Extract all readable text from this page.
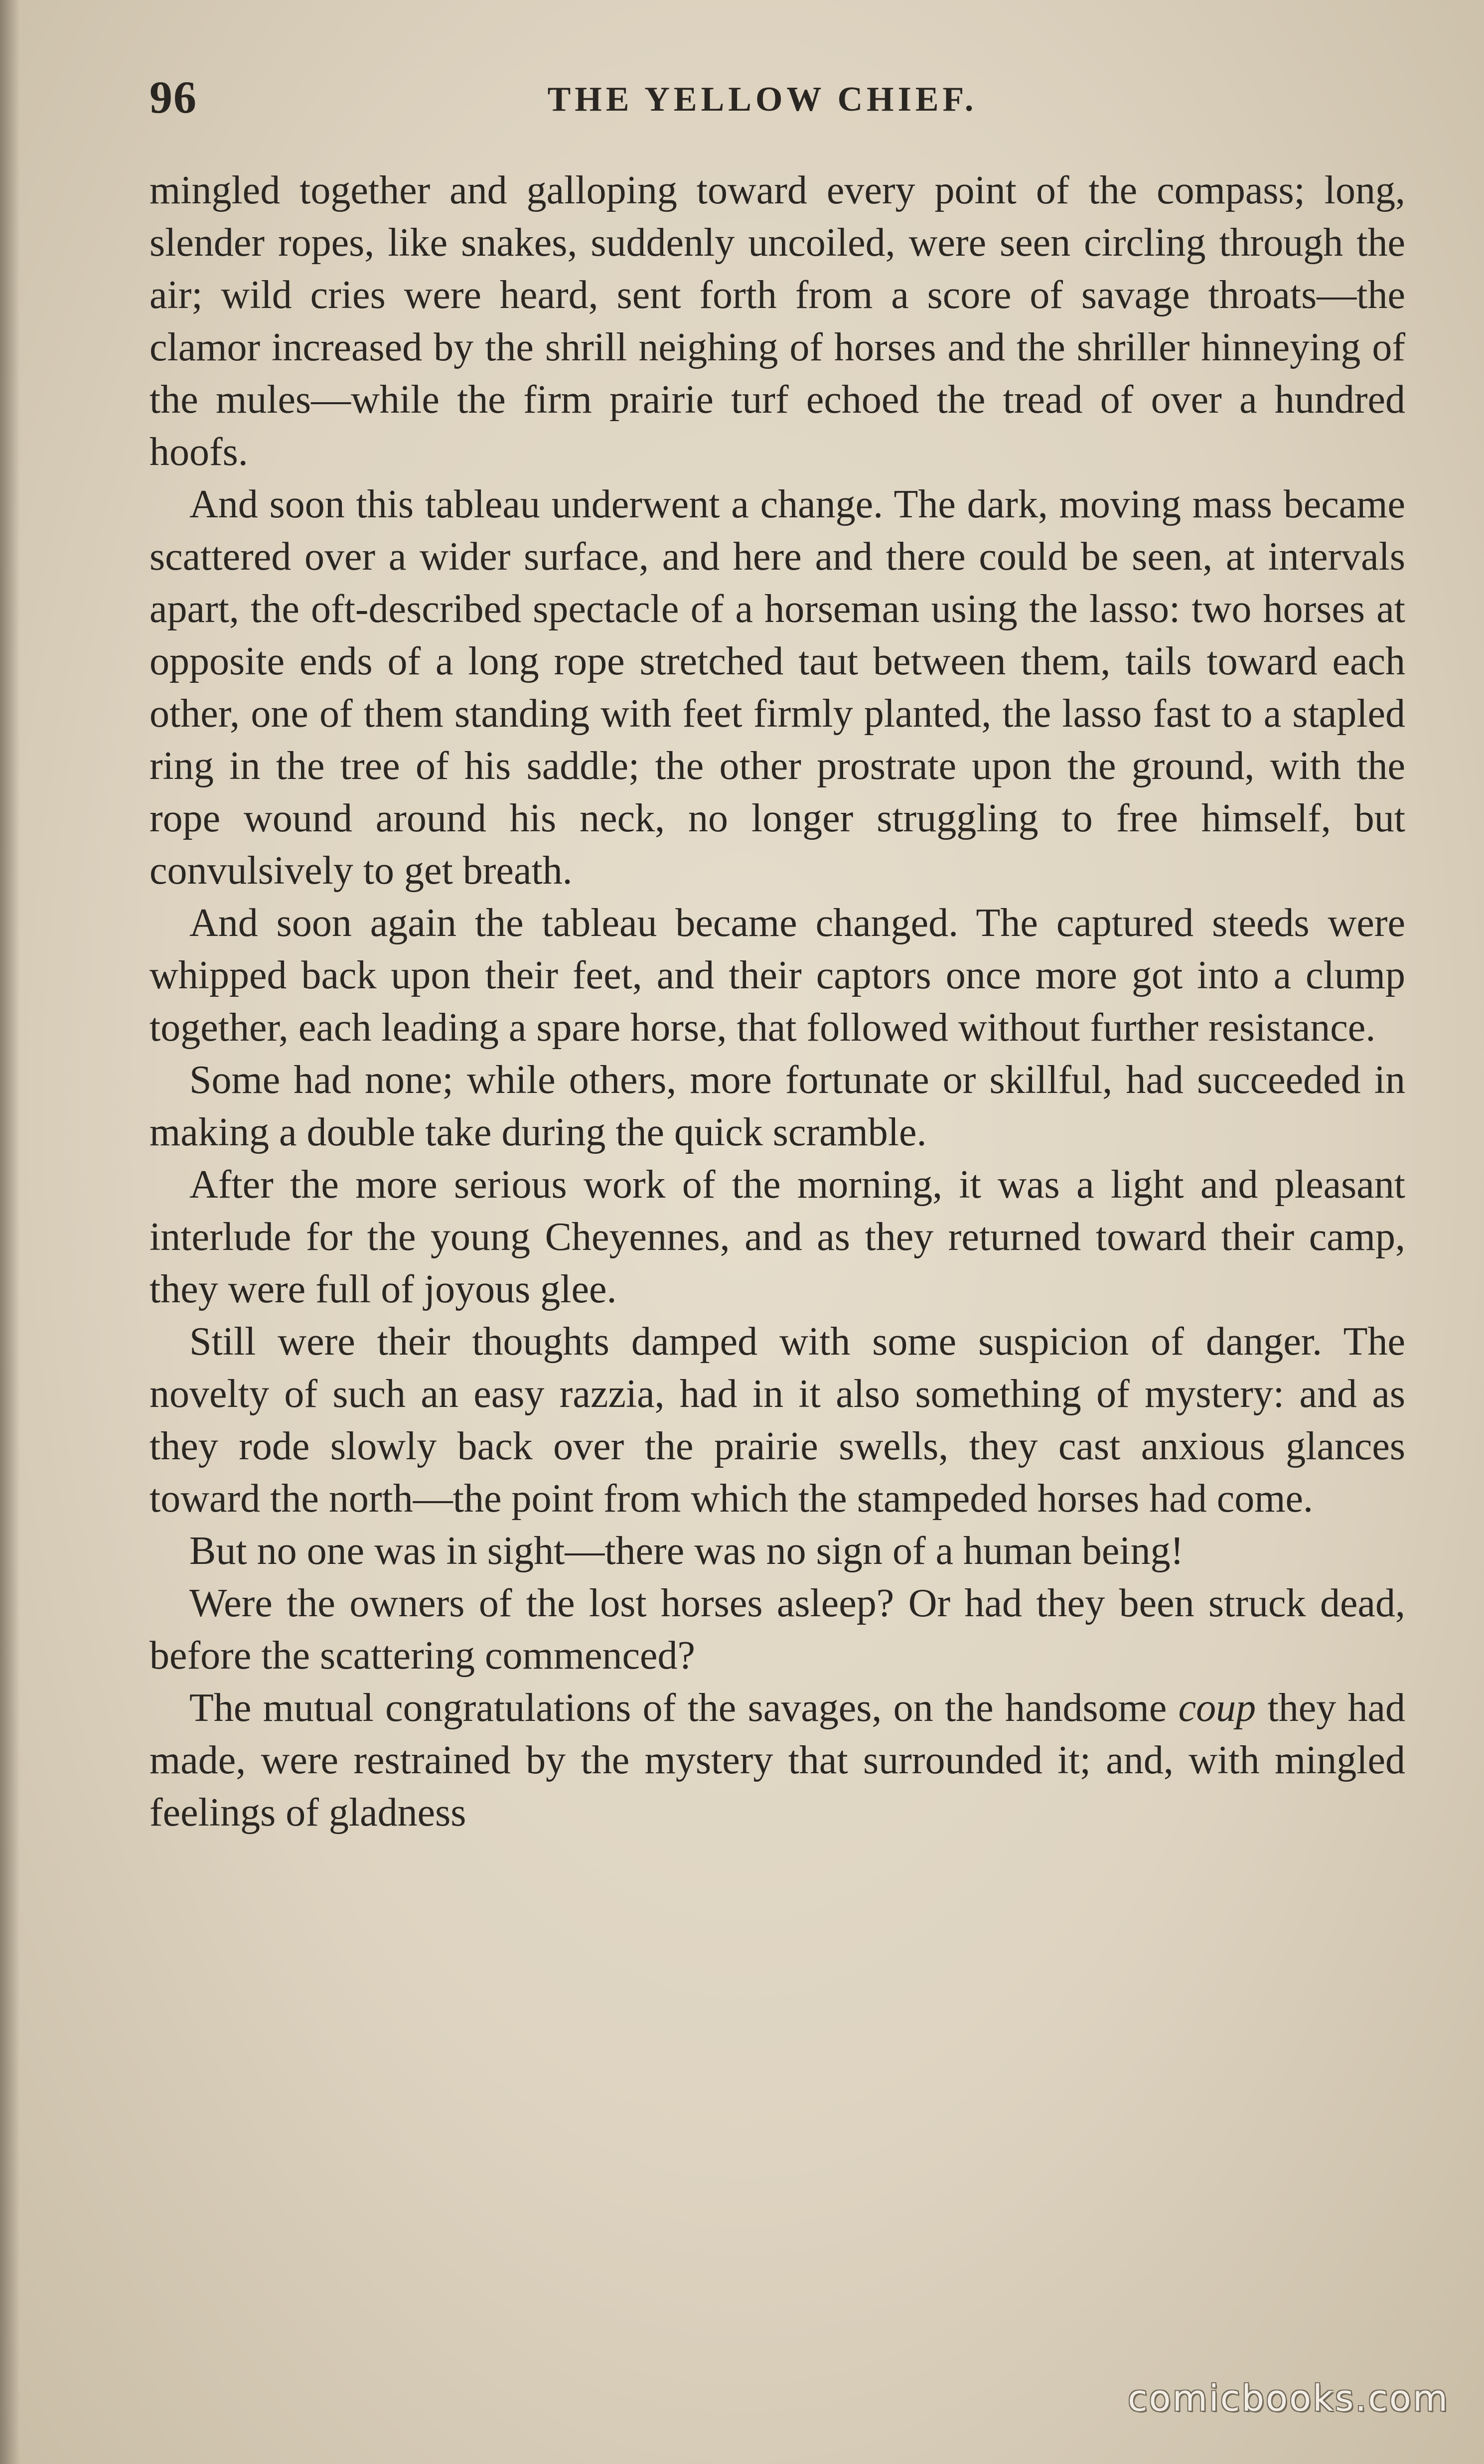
96	THE YELLOW CHIEF.

mingled together and galloping toward every point of the compass; long, slender ropes, like snakes, suddenly uncoiled, were seen circling through the air; wild cries were heard, sent forth from a score of savage throats—the clamor increased by the shrill neighing of horses and the shriller hinneying of the mules—while the firm prairie turf echoed the tread of over a hundred hoofs.

And soon this tableau underwent a change. The dark, moving mass became scattered over a wider surface, and here and there could be seen, at intervals apart, the oft-described spectacle of a horseman using the lasso: two horses at opposite ends of a long rope stretched taut between them, tails toward each other, one of them standing with feet firmly planted, the lasso fast to a stapled ring in the tree of his saddle; the other prostrate upon the ground, with the rope wound around his neck, no longer struggling to free himself, but convulsively to get breath.

And soon again the tableau became changed. The captured steeds were whipped back upon their feet, and their captors once more got into a clump together, each leading a spare horse, that followed without further resistance.

Some had none; while others, more fortunate or skillful, had succeeded in making a double take during the quick scramble.

After the more serious work of the morning, it was a light and pleasant interlude for the young Cheyennes, and as they returned toward their camp, they were full of joyous glee.

Still were their thoughts damped with some suspicion of danger. The novelty of such an easy razzia, had in it also something of mystery: and as they rode slowly back over the prairie swells, they cast anxious glances toward the north—the point from which the stampeded horses had come.

But no one was in sight—there was no sign of a human being!

Were the owners of the lost horses asleep? Or had they been struck dead, before the scattering commenced?

The mutual congratulations of the savages, on the handsome coup they had made, were restrained by the mystery that surrounded it; and, with mingled feelings of gladness

comicbooks.com
